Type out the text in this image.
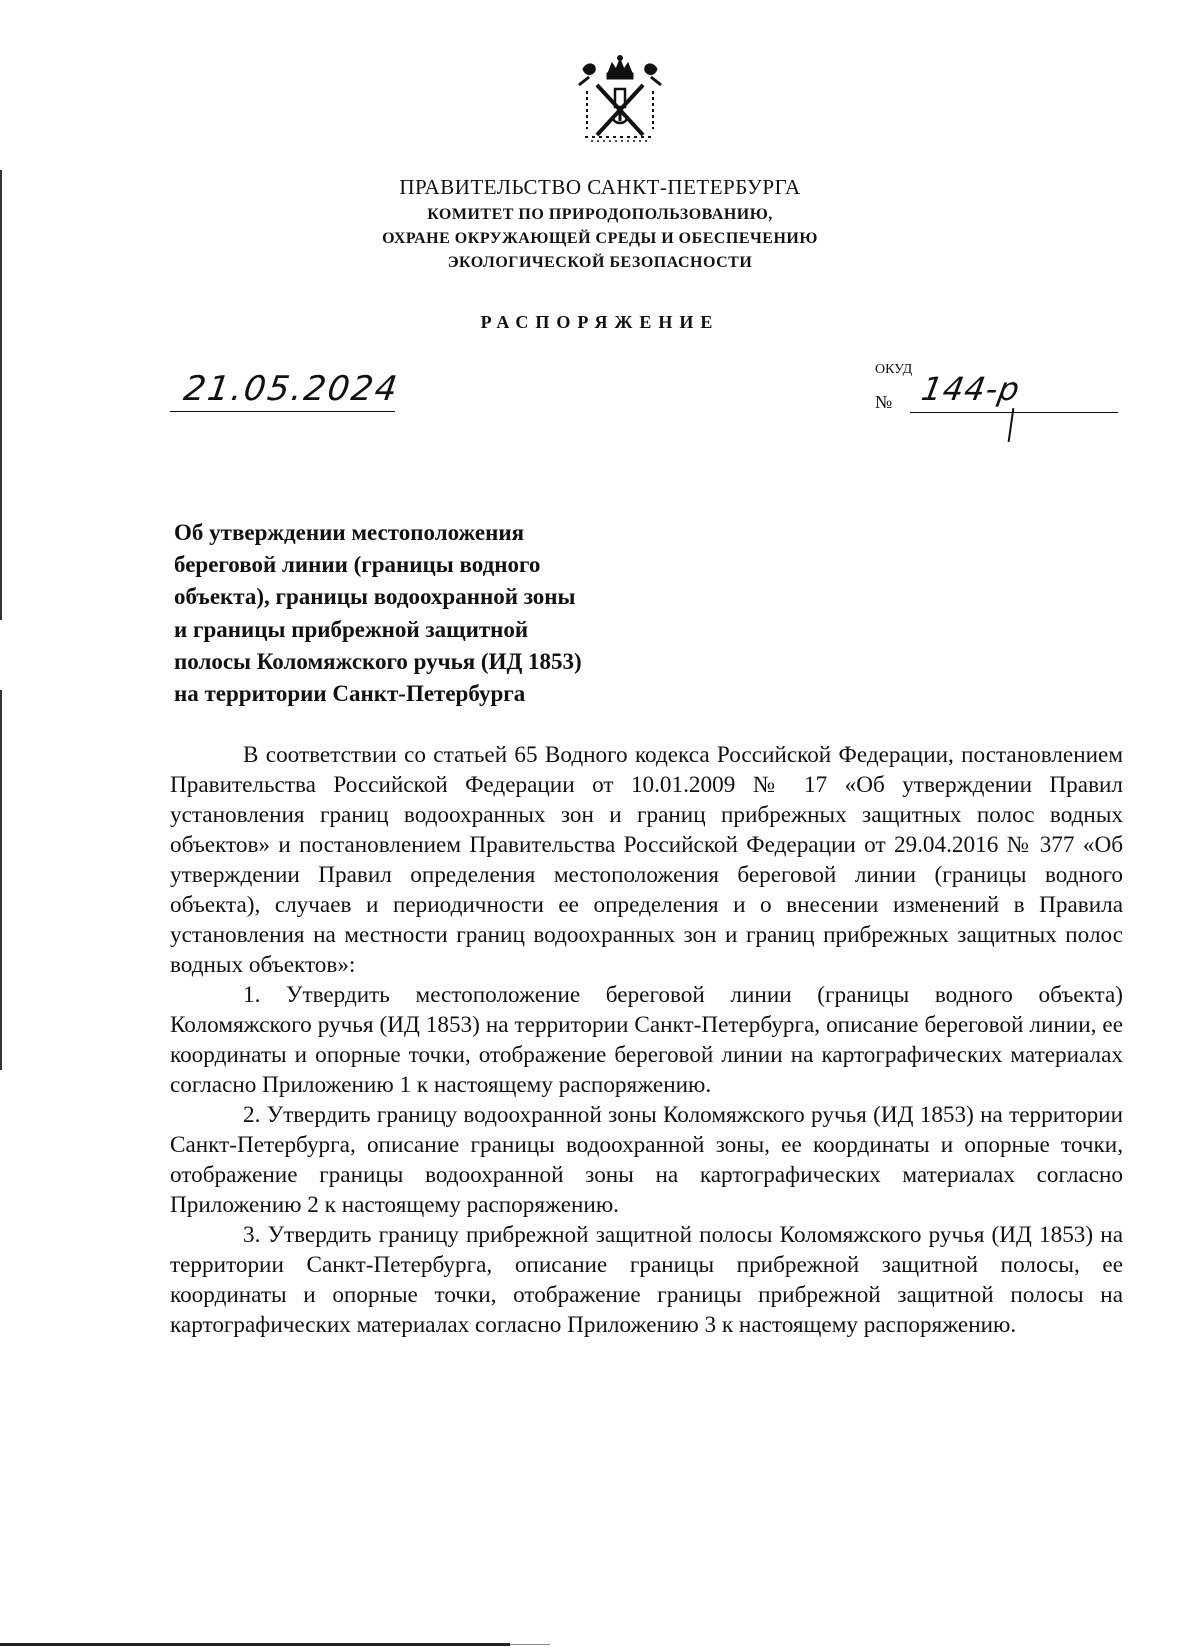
ПРАВИТЕЛЬСТВО САНКТ-ПЕТЕРБУРГА
КОМИТЕТ ПО ПРИРОДОПОЛЬЗОВАНИЮ,
ОХРАНЕ ОКРУЖАЮЩЕЙ СРЕДЫ И ОБЕСПЕЧЕНИЮ
ЭКОЛОГИЧЕСКОЙ БЕЗОПАСНОСТИ
РАСПОРЯЖЕНИЕ
21.05.2024	ОКУД
№ 144-р
Об утверждении местоположения
береговой линии (границы водного
объекта), границы водоохранной зоны
и границы прибрежной защитной
полосы Коломяжского ручья (ИД 1853)
на территории Санкт-Петербурга

В соответствии со статьей 65 Водного кодекса Российской Федерации, постановлением Правительства Российской Федерации от 10.01.2009 № 17 «Об утверждении Правил установления границ водоохранных зон и границ прибрежных защитных полос водных объектов» и постановлением Правительства Российской Федерации от 29.04.2016 № 377 «Об утверждении Правил определения местоположения береговой линии (границы водного объекта), случаев и периодичности ее определения и о внесении изменений в Правила установления на местности границ водоохранных зон и границ прибрежных защитных полос водных объектов»:

1. Утвердить местоположение береговой линии (границы водного объекта) Коломяжского ручья (ИД 1853) на территории Санкт-Петербурга, описание береговой линии, ее координаты и опорные точки, отображение береговой линии на картографических материалах согласно Приложению 1 к настоящему распоряжению.

2. Утвердить границу водоохранной зоны Коломяжского ручья (ИД 1853) на территории Санкт-Петербурга, описание границы водоохранной зоны, ее координаты и опорные точки, отображение границы водоохранной зоны на картографических материалах согласно Приложению 2 к настоящему распоряжению.

3. Утвердить границу прибрежной защитной полосы Коломяжского ручья (ИД 1853) на территории Санкт-Петербурга, описание границы прибрежной защитной полосы, ее координаты и опорные точки, отображение границы прибрежной защитной полосы на картографических материалах согласно Приложению 3 к настоящему распоряжению.
